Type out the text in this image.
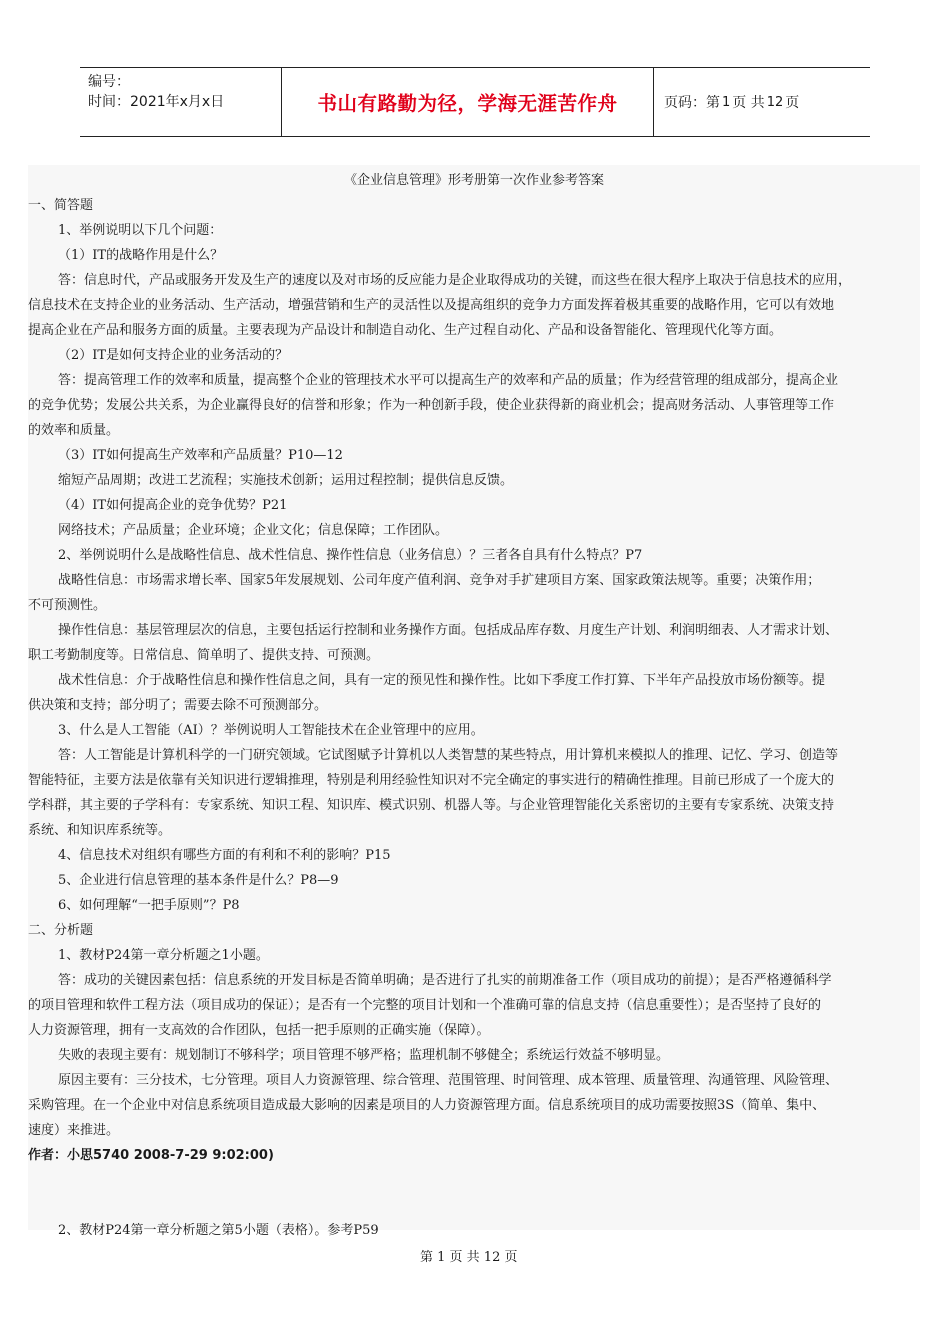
编号：
时间：2021年x月x日	书山有路勤为径，学海无涯苦作舟	页码：第 1 页 共 12 页
《企业信息管理》形考册第一次作业参考答案
一、简答题
1、举例说明以下几个问题：
（1）IT的战略作用是什么？
答：信息时代，产品或服务开发及生产的速度以及对市场的反应能力是企业取得成功的关键，而这些在很大程序上取决于信息技术的应用，
信息技术在支持企业的业务活动、生产活动，增强营销和生产的灵活性以及提高组织的竞争力方面发挥着极其重要的战略作用，它可以有效地
提高企业在产品和服务方面的质量。主要表现为产品设计和制造自动化、生产过程自动化、产品和设备智能化、管理现代化等方面。
（2）IT是如何支持企业的业务活动的？
答：提高管理工作的效率和质量，提高整个企业的管理技术水平可以提高生产的效率和产品的质量；作为经营管理的组成部分，提高企业
的竞争优势；发展公共关系，为企业赢得良好的信誉和形象；作为一种创新手段，使企业获得新的商业机会；提高财务活动、人事管理等工作
的效率和质量。
（3）IT如何提高生产效率和产品质量？P10—12
缩短产品周期；改进工艺流程；实施技术创新；运用过程控制；提供信息反馈。
（4）IT如何提高企业的竞争优势？P21
网络技术；产品质量；企业环境；企业文化；信息保障；工作团队。
2、举例说明什么是战略性信息、战术性信息、操作性信息（业务信息）？三者各自具有什么特点？P7
战略性信息：市场需求增长率、国家5年发展规划、公司年度产值利润、竞争对手扩建项目方案、国家政策法规等。重要；决策作用；
不可预测性。
操作性信息：基层管理层次的信息，主要包括运行控制和业务操作方面。包括成品库存数、月度生产计划、利润明细表、人才需求计划、
职工考勤制度等。日常信息、简单明了、提供支持、可预测。
战术性信息：介于战略性信息和操作性信息之间，具有一定的预见性和操作性。比如下季度工作打算、下半年产品投放市场份额等。提
供决策和支持；部分明了；需要去除不可预测部分。
3、什么是人工智能（AI）？举例说明人工智能技术在企业管理中的应用。
答：人工智能是计算机科学的一门研究领域。它试图赋予计算机以人类智慧的某些特点，用计算机来模拟人的推理、记忆、学习、创造等
智能特征，主要方法是依靠有关知识进行逻辑推理，特别是利用经验性知识对不完全确定的事实进行的精确性推理。目前已形成了一个庞大的
学科群，其主要的子学科有：专家系统、知识工程、知识库、模式识别、机器人等。与企业管理智能化关系密切的主要有专家系统、决策支持
系统、和知识库系统等。
4、信息技术对组织有哪些方面的有利和不利的影响？P15
5、企业进行信息管理的基本条件是什么？P8—9
6、如何理解“一把手原则”？P8
二、分析题
1、教材P24第一章分析题之1小题。
答：成功的关键因素包括：信息系统的开发目标是否简单明确；是否进行了扎实的前期准备工作（项目成功的前提）；是否严格遵循科学
的项目管理和软件工程方法（项目成功的保证）；是否有一个完整的项目计划和一个准确可靠的信息支持（信息重要性）；是否坚持了良好的
人力资源管理，拥有一支高效的合作团队，包括一把手原则的正确实施（保障）。
失败的表现主要有：规划制订不够科学；项目管理不够严格；监理机制不够健全；系统运行效益不够明显。
原因主要有：三分技术，七分管理。项目人力资源管理、综合管理、范围管理、时间管理、成本管理、质量管理、沟通管理、风险管理、
采购管理。在一个企业中对信息系统项目造成最大影响的因素是项目的人力资源管理方面。信息系统项目的成功需要按照3S（简单、集中、
速度）来推进。
作者：小思5740 2008-7-29 9:02:00)
2、教材P24第一章分析题之第5小题（表格）。参考P59
第 1 页 共 12 页
